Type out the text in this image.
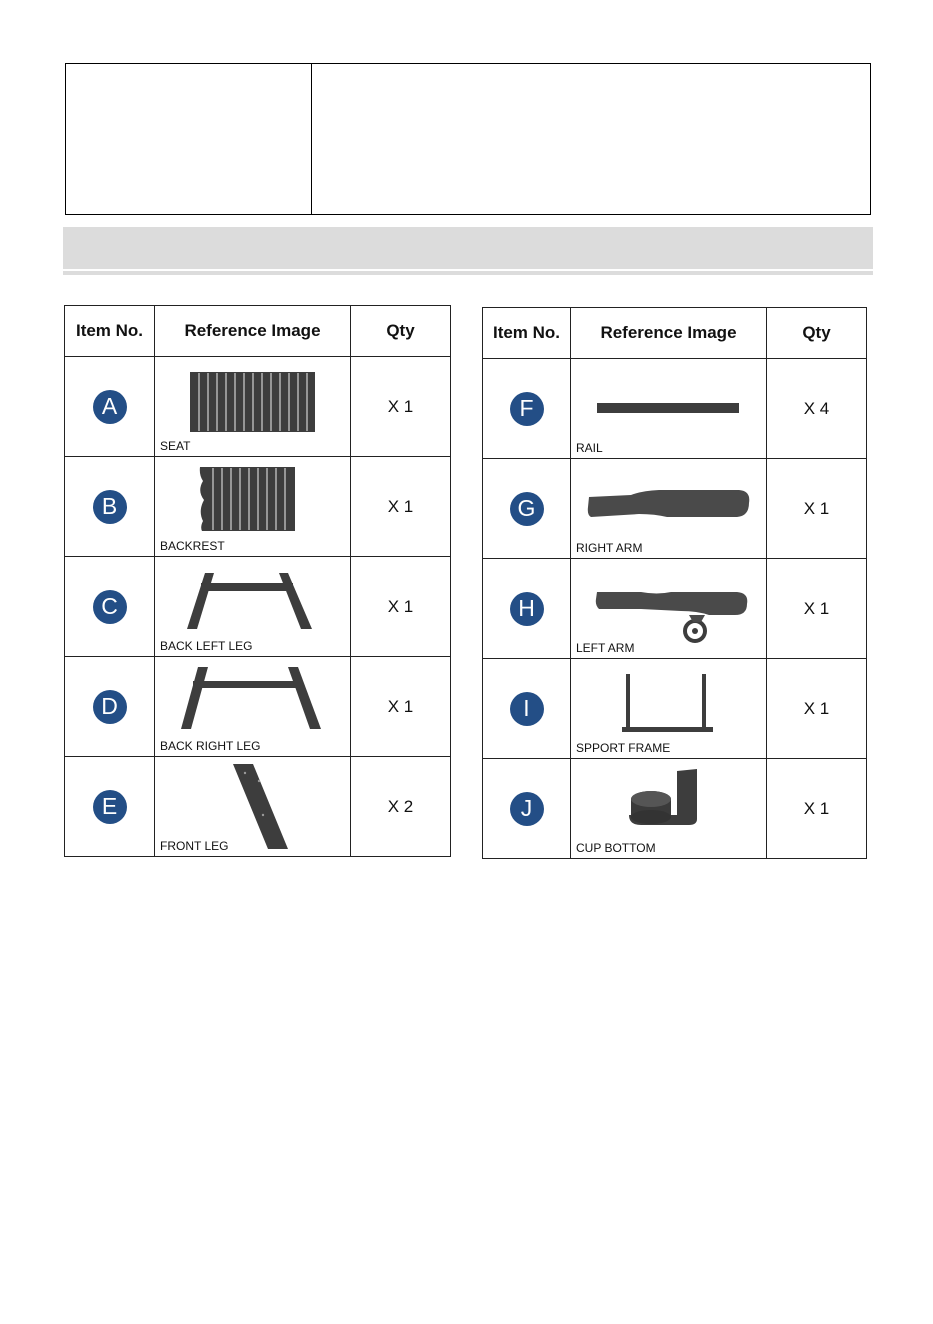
Item No.	Reference Image	Qty

A	SEAT	X 1

B	BACKREST	X 1

C	BACK LEFT LEG	X 1

D	BACK RIGHT LEG	X 1

E	FRONT LEG	X 2
Item No.	Reference Image	Qty

F	RAIL	X 4

G	RIGHT ARM	X 1

H	LEFT ARM	X 1

I	SPPORT FRAME	X 1

J	CUP BOTTOM	X 1
